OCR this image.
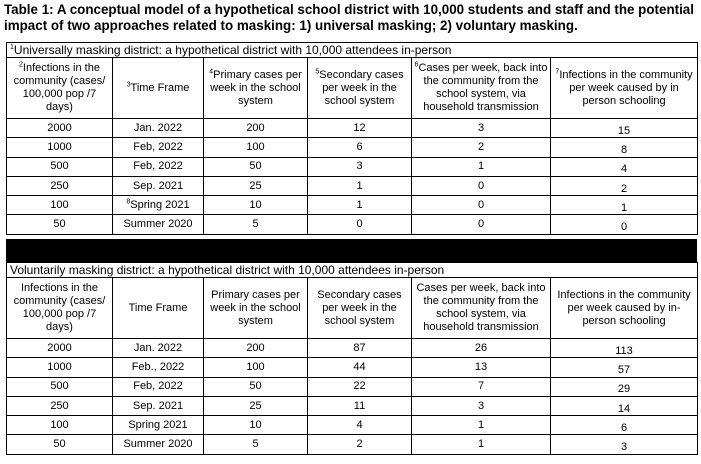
Table 1: A conceptual model of a hypothetical school district with 10,000 students and staff and the potential impact of two approaches related to masking: 1) universal masking; 2) voluntary masking.
$^1$Universally masking district: a hypothetical district with 10,000 attendees in-person					
$^2$Infections in the community (cases/ 100,000 pop /7 days)	$^3$Time Frame	$^4$Primary cases per week in the school system	$^5$Secondary cases per week in the school system	$^6$Cases per week, back into the community from the school system, via household transmission	$^7$Infections in the community per week caused by in person schooling
2000	Jan. 2022	200	12	3	15
1000	Feb, 2022	100	6	2	8
500	Feb, 2022	50	3	1	4
250	Sep. 2021	25	1	0	2
100	$^8$Spring 2021	10	1	0	1
50	Summer 2020	5	0	0	0
Voluntarily masking district: a hypothetical district with 10,000 attendees in-person					
Infections in the community (cases/ 100,000 pop /7 days)	Time Frame	Primary cases per week in the school system	Secondary cases per week in the school system	Cases per week, back into the community from the school system, via household transmission	Infections in the community per week caused by in-person schooling
2000	Jan. 2022	200	87	26	113
1000	Feb., 2022	100	44	13	57
500	Feb, 2022	50	22	7	29
250	Sep. 2021	25	11	3	14
100	Spring 2021	10	4	1	6
50	Summer 2020	5	2	1	3
